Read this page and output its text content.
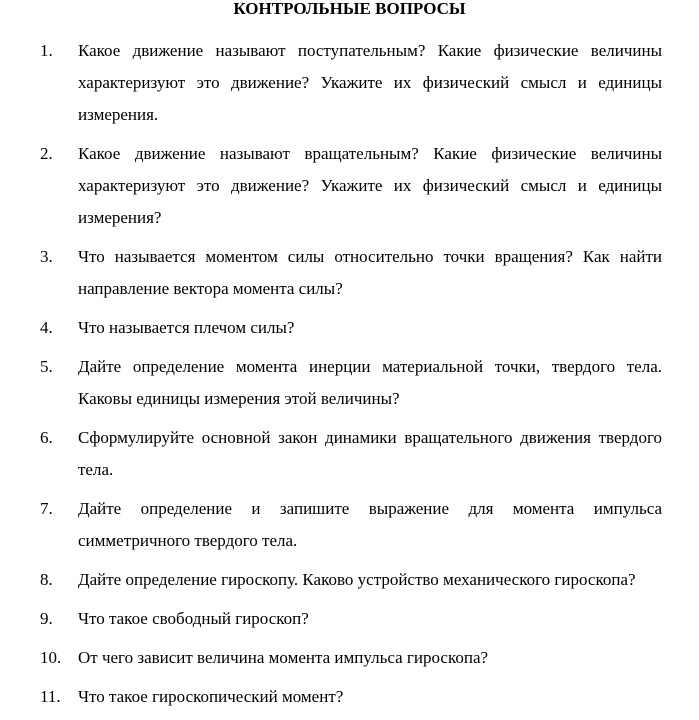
КОНТРОЛЬНЫЕ ВОПРОСЫ
1. Какое движение называют поступательным? Какие физические величины характеризуют это движение? Укажите их физический смысл и единицы измерения.
2. Какое движение называют вращательным? Какие физические величины характеризуют это движение? Укажите их физический смысл и единицы измерения?
3. Что называется моментом силы относительно точки вращения? Как найти направление вектора момента силы?
4. Что называется плечом силы?
5. Дайте определение момента инерции материальной точки, твердого тела. Каковы единицы измерения этой величины?
6. Сформулируйте основной закон динамики вращательного движения твердого тела.
7. Дайте определение и запишите выражение для момента импульса симметричного твердого тела.
8. Дайте определение гироскопу. Каково устройство механического гироскопа?
9. Что такое свободный гироскоп?
10. От чего зависит величина момента импульса гироскопа?
11. Что такое гироскопический момент?
